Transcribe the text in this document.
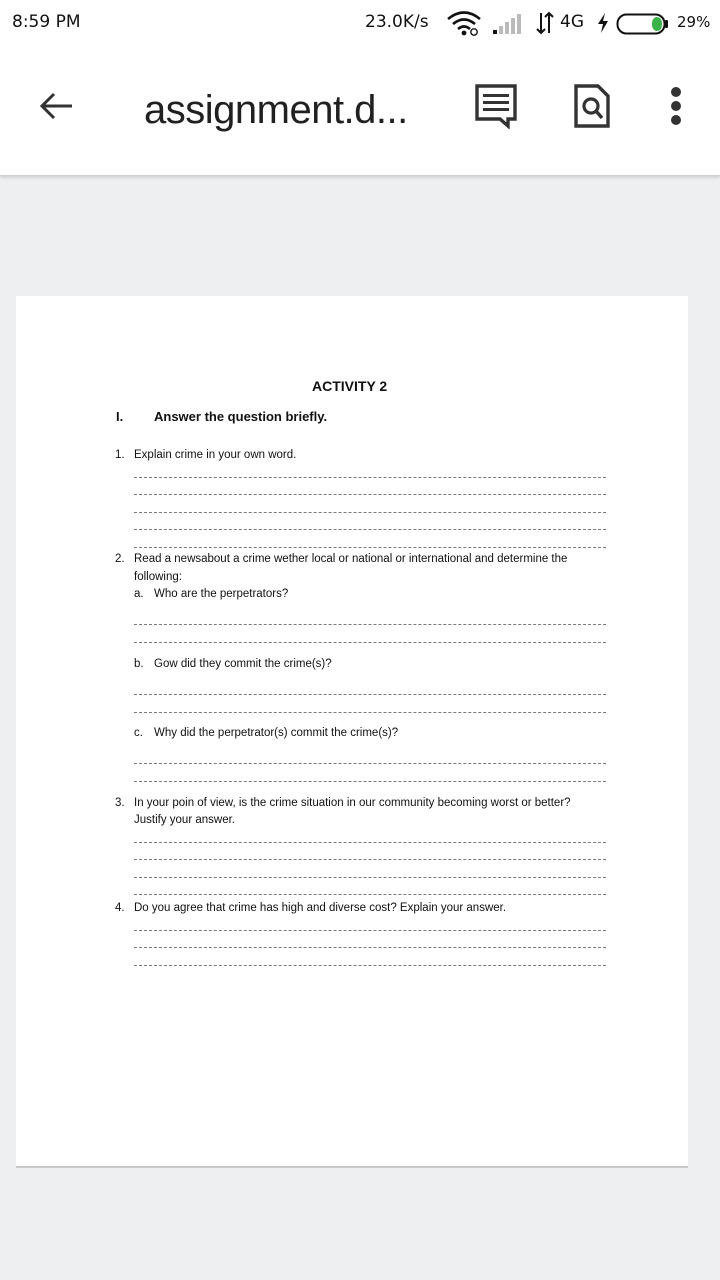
8:59 PM	23.0K/s	4G	29%
assignment.d...
ACTIVITY 2
I. Answer the question briefly.
1. Explain crime in your own word.
2. Read a newsabout a crime wether local or national or international and determine the
following:
a. Who are the perpetrators?
b. Gow did they commit the crime(s)?
c. Why did the perpetrator(s) commit the crime(s)?
3. In your poin of view, is the crime situation in our community becoming worst or better?
Justify your answer.
4. Do you agree that crime has high and diverse cost? Explain your answer.
